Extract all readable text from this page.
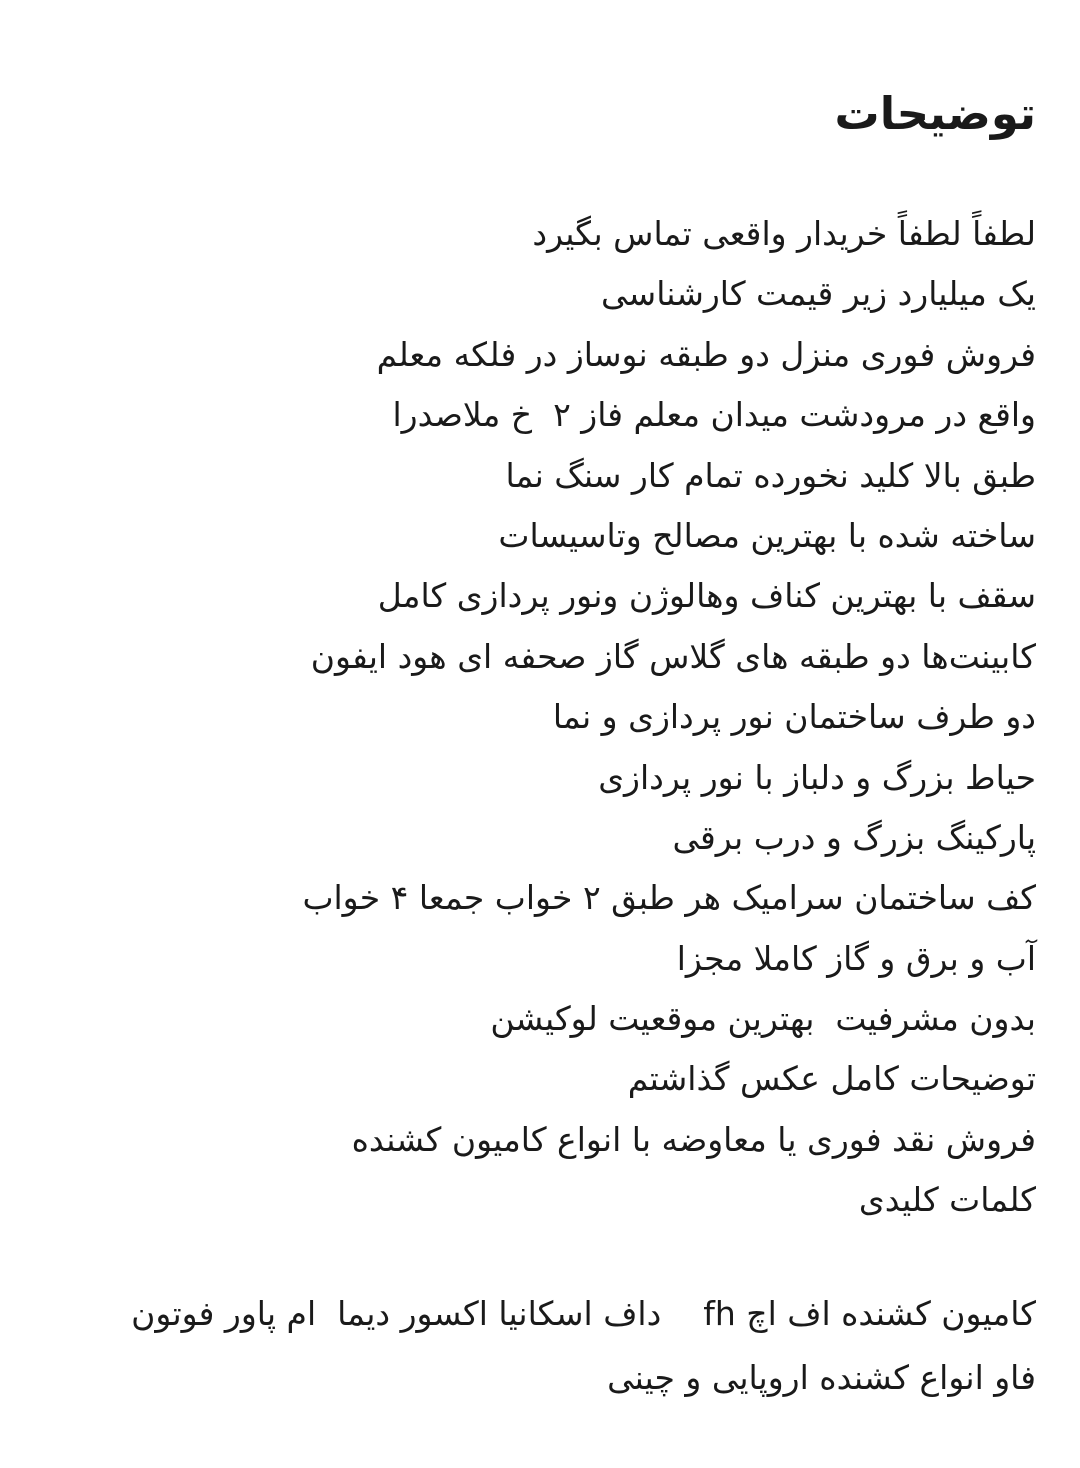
توضیحات
لطفاً لطفاً خریدار واقعی تماس بگیرد
یک میلیارد زیر قیمت کارشناسی
فروش فوری منزل دو طبقه نوساز در فلکه معلم
واقع در مرودشت میدان معلم فاز ۲  خ ملاصدرا
طبق بالا کلید نخورده تمام کار سنگ نما
ساخته شده با بهترین مصالح وتاسیسات
سقف با بهترین کناف وهالوژن ونور پردازی کامل
کابینت‌ها دو طبقه های گلاس گاز صحفه ای هود ایفون
دو طرف ساختمان نور پردازی و نما
حیاط بزرگ و دلباز با نور پردازی
پارکینگ بزرگ و درب برقی
کف ساختمان سرامیک هر طبق ۲ خواب جمعا ۴ خواب
آب و برق و گاز کاملا مجزا
بدون مشرفیت  بهترین موقعیت لوکیشن
توضیحات کامل عکس گذاشتم
فروش نقد فوری یا معاوضه با انواع کامیون کشنده
کلمات کلیدی
کامیون کشنده اف اچ fh    داف اسکانیا اکسور دیما  ام پاور فوتون
فاو انواع کشنده اروپایی و چینی
